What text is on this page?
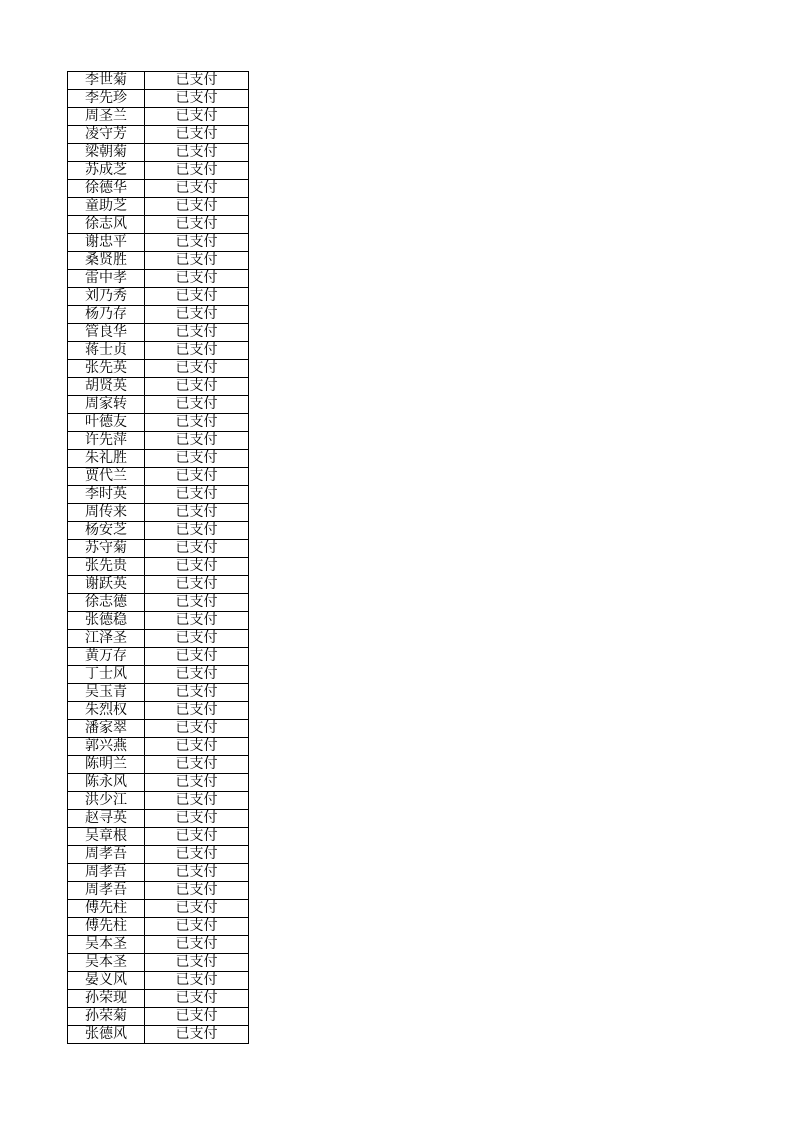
李世菊	已支付
李先珍	已支付
周圣兰	已支付
凌守芳	已支付
梁朝菊	已支付
苏成芝	已支付
徐德华	已支付
童助芝	已支付
徐志风	已支付
谢忠平	已支付
桑贤胜	已支付
雷中孝	已支付
刘乃秀	已支付
杨乃存	已支付
管良华	已支付
蒋士贞	已支付
张先英	已支付
胡贤英	已支付
周家转	已支付
叶德友	已支付
许先萍	已支付
朱礼胜	已支付
贾代兰	已支付
李时英	已支付
周传来	已支付
杨安芝	已支付
苏守菊	已支付
张先贵	已支付
谢跃英	已支付
徐志德	已支付
张德稳	已支付
江泽圣	已支付
黄万存	已支付
丁士风	已支付
吴玉青	已支付
朱烈权	已支付
潘家翠	已支付
郭兴燕	已支付
陈明兰	已支付
陈永风	已支付
洪少江	已支付
赵寻英	已支付
吴章根	已支付
周孝吾	已支付
周孝吾	已支付
周孝吾	已支付
傅先柱	已支付
傅先柱	已支付
吴本圣	已支付
吴本圣	已支付
晏义风	已支付
孙荣现	已支付
孙荣菊	已支付
张德风	已支付
